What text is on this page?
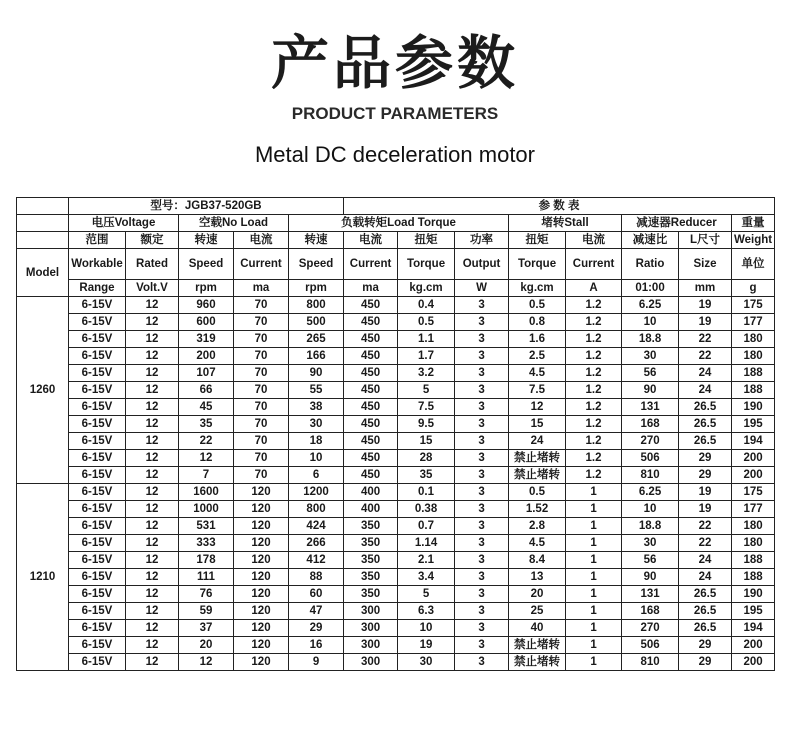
产品参数
PRODUCT PARAMETERS
Metal DC deceleration motor
	型号：JGB37-520GB					参 数 表							
	电压Voltage		空载No Load		负载转矩Load Torque				堵转Stall		减速器Reducer		重量
	范围	额定	转速	电流	转速	电流	扭矩	功率	扭矩	电流	减速比	L尺寸	Weight
Model	Workable	Rated	Speed	Current	Speed	Current	Torque	Output	Torque	Current	Ratio	Size	单位
	Range	Volt.V	rpm	ma	rpm	ma	kg.cm	W	kg.cm	A	01:00	mm	g
1260	6-15V	12	960	70	800	450	0.4	3	0.5	1.2	6.25	19	175
	6-15V	12	600	70	500	450	0.5	3	0.8	1.2	10	19	177
	6-15V	12	319	70	265	450	1.1	3	1.6	1.2	18.8	22	180
	6-15V	12	200	70	166	450	1.7	3	2.5	1.2	30	22	180
	6-15V	12	107	70	90	450	3.2	3	4.5	1.2	56	24	188
	6-15V	12	66	70	55	450	5	3	7.5	1.2	90	24	188
	6-15V	12	45	70	38	450	7.5	3	12	1.2	131	26.5	190
	6-15V	12	35	70	30	450	9.5	3	15	1.2	168	26.5	195
	6-15V	12	22	70	18	450	15	3	24	1.2	270	26.5	194
	6-15V	12	12	70	10	450	28	3	禁止堵转	1.2	506	29	200
	6-15V	12	7	70	6	450	35	3	禁止堵转	1.2	810	29	200
1210	6-15V	12	1600	120	1200	400	0.1	3	0.5	1	6.25	19	175
	6-15V	12	1000	120	800	400	0.38	3	1.52	1	10	19	177
	6-15V	12	531	120	424	350	0.7	3	2.8	1	18.8	22	180
	6-15V	12	333	120	266	350	1.14	3	4.5	1	30	22	180
	6-15V	12	178	120	412	350	2.1	3	8.4	1	56	24	188
	6-15V	12	111	120	88	350	3.4	3	13	1	90	24	188
	6-15V	12	76	120	60	350	5	3	20	1	131	26.5	190
	6-15V	12	59	120	47	300	6.3	3	25	1	168	26.5	195
	6-15V	12	37	120	29	300	10	3	40	1	270	26.5	194
	6-15V	12	20	120	16	300	19	3	禁止堵转	1	506	29	200
	6-15V	12	12	120	9	300	30	3	禁止堵转	1	810	29	200
